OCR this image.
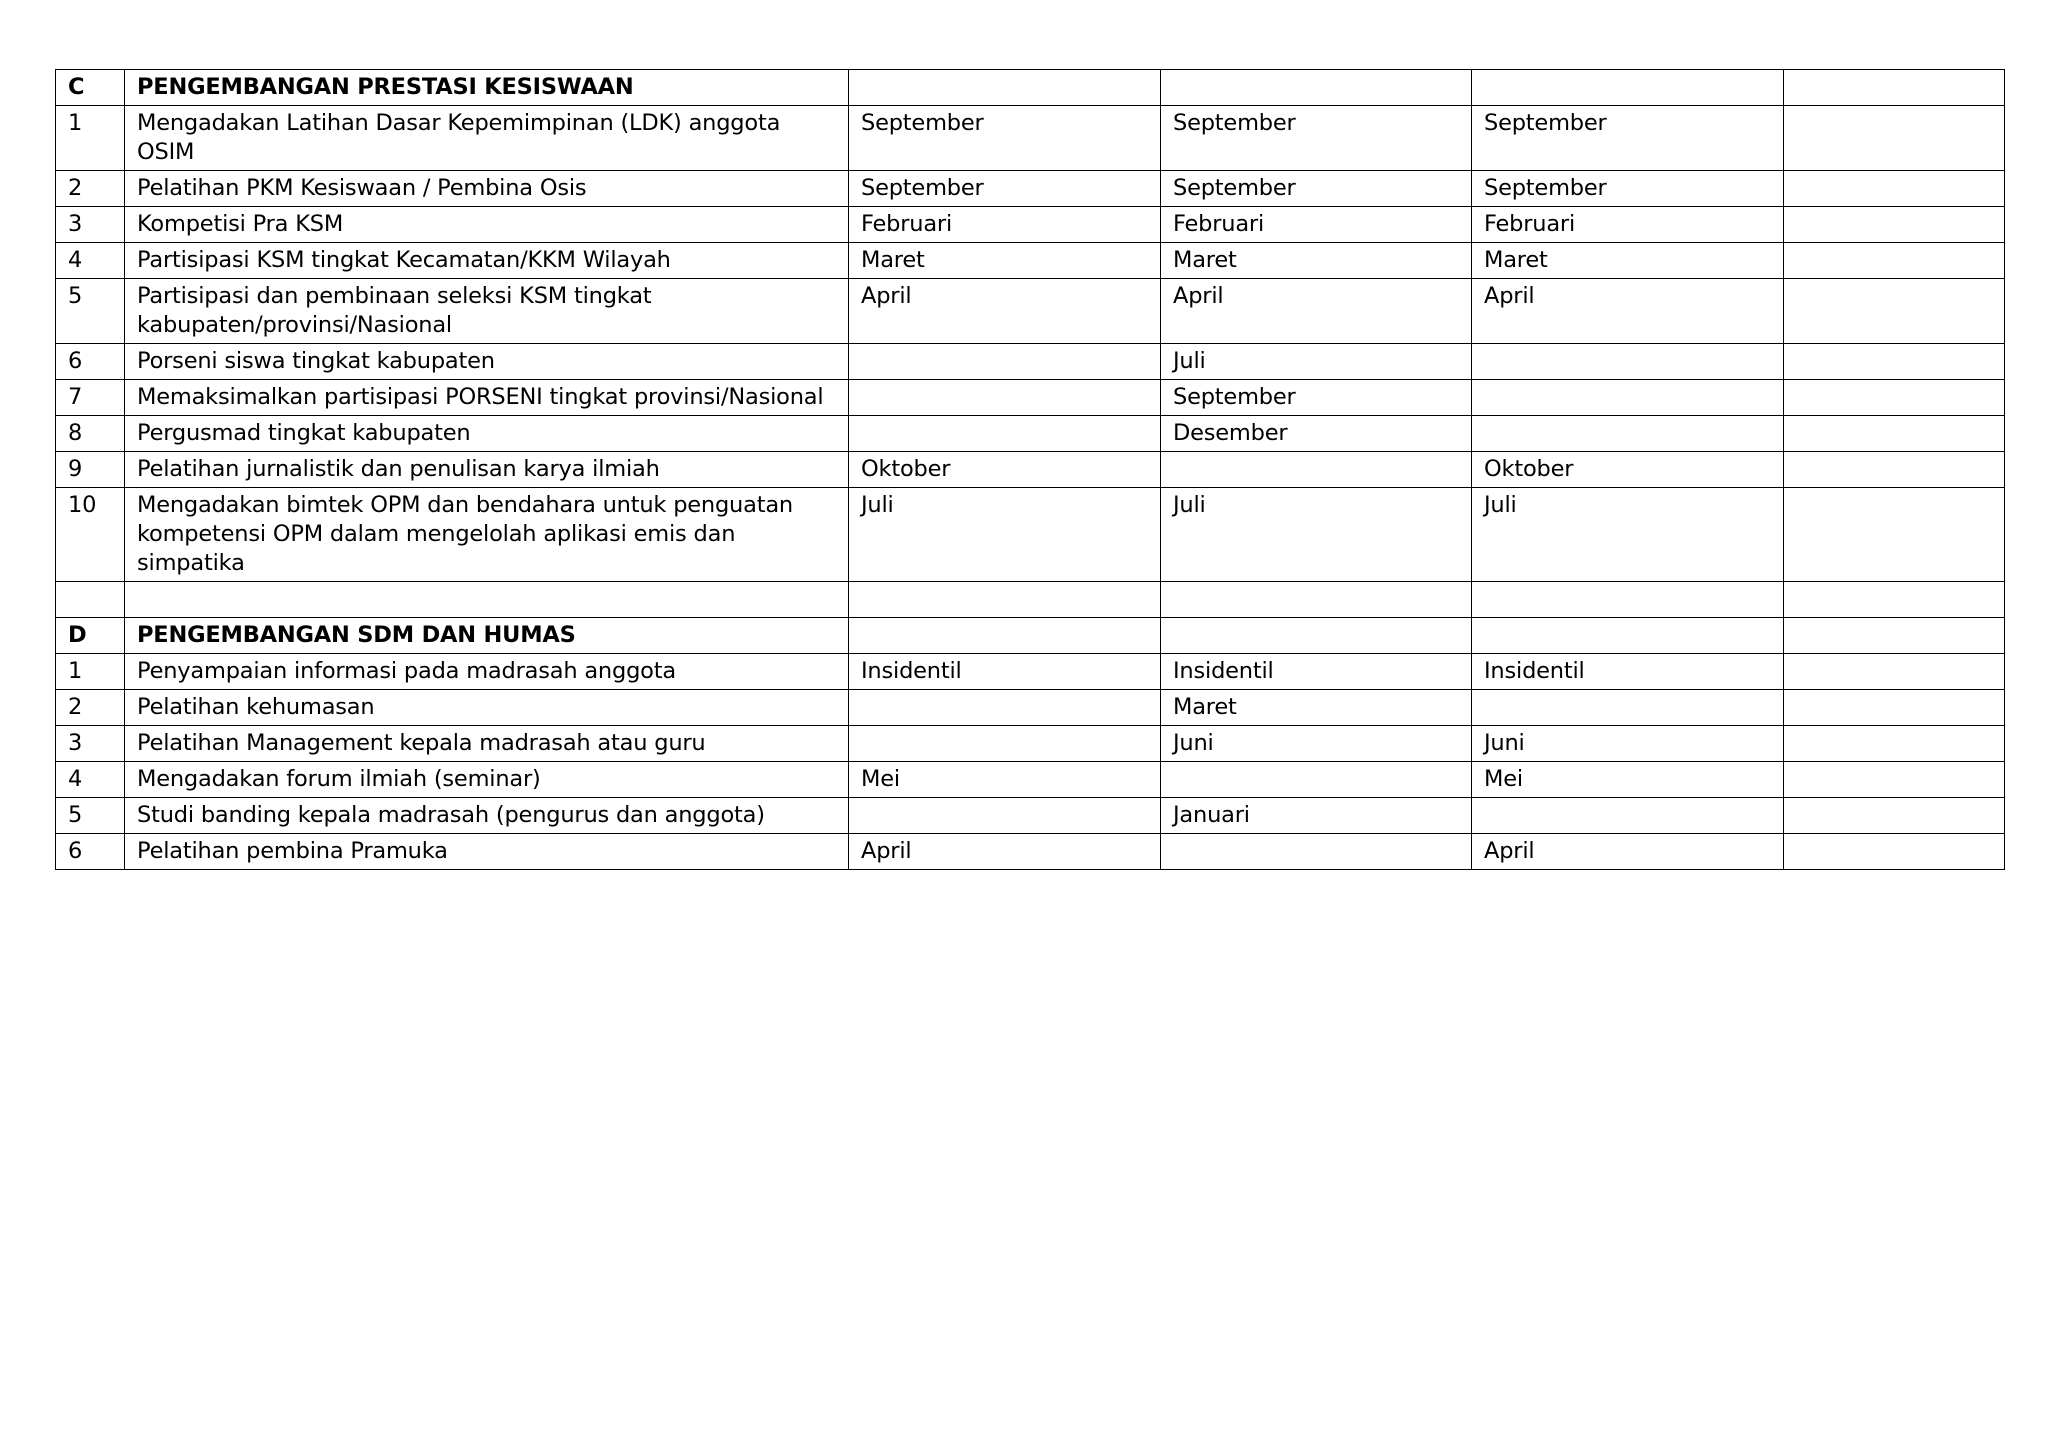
C	PENGEMBANGAN PRESTASI KESISWAAN				
1	Mengadakan Latihan Dasar Kepemimpinan (LDK) anggota OSIM	September	September	September	
2	Pelatihan PKM Kesiswaan / Pembina Osis	September	September	September	
3	Kompetisi Pra KSM	Februari	Februari	Februari	
4	Partisipasi KSM tingkat Kecamatan/KKM Wilayah	Maret	Maret	Maret	
5	Partisipasi dan pembinaan seleksi KSM tingkat kabupaten/provinsi/Nasional	April	April	April	
6	Porseni siswa tingkat kabupaten		Juli		
7	Memaksimalkan partisipasi PORSENI tingkat provinsi/Nasional		September		
8	Pergusmad tingkat kabupaten		Desember		
9	Pelatihan jurnalistik dan penulisan karya ilmiah	Oktober		Oktober	
10	Mengadakan bimtek OPM dan bendahara untuk penguatan kompetensi OPM dalam mengelolah aplikasi emis dan simpatika	Juli	Juli	Juli	

D	PENGEMBANGAN SDM DAN HUMAS				
1	Penyampaian informasi pada madrasah anggota	Insidentil	Insidentil	Insidentil	
2	Pelatihan kehumasan		Maret		
3	Pelatihan Management kepala madrasah atau guru		Juni	Juni	
4	Mengadakan forum ilmiah (seminar)	Mei		Mei	
5	Studi banding kepala madrasah (pengurus dan anggota)		Januari		
6	Pelatihan pembina Pramuka	April		April	
